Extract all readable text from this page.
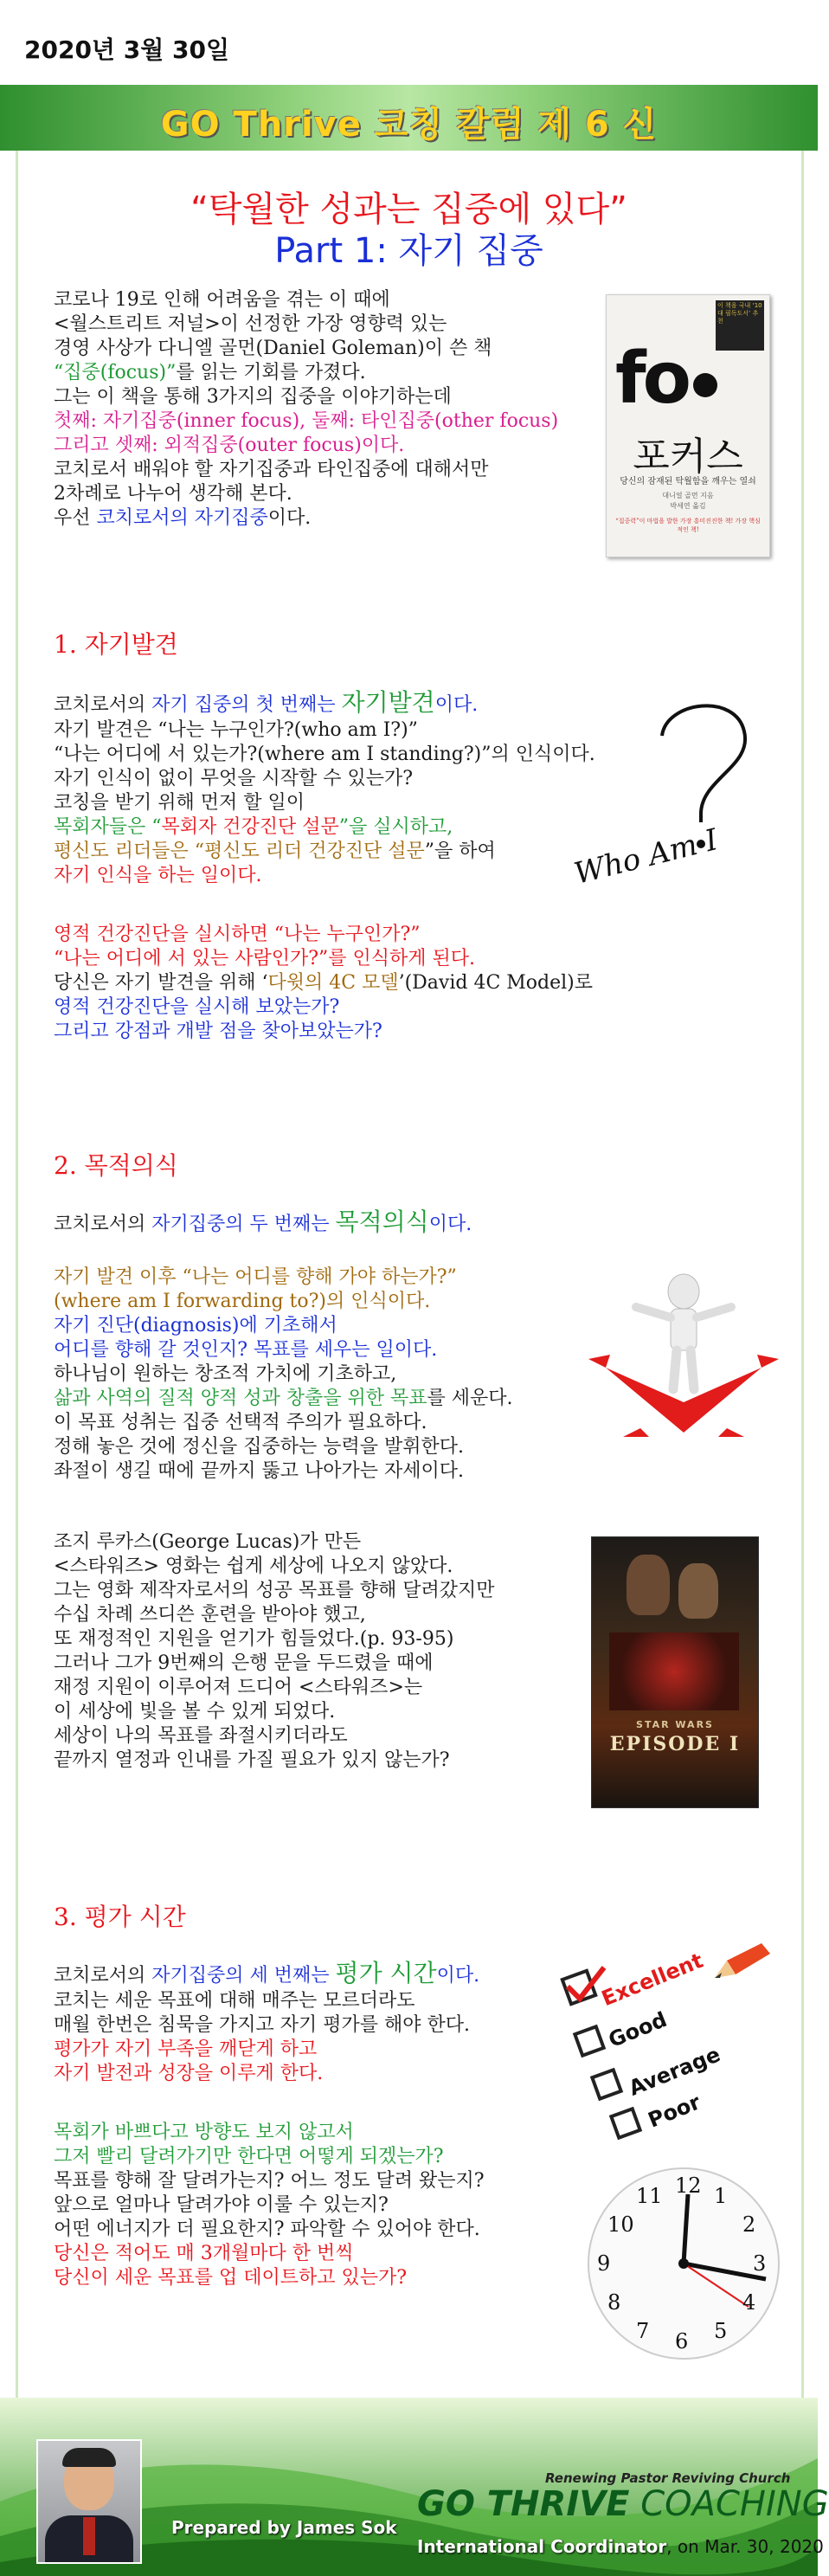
2020년 3월 30일
GO Thrive 코칭 칼럼 제 6 신
“탁월한 성과는 집중에 있다”
Part 1: 자기 집중
코로나 19로 인해 어려움을 겪는 이 때에
<월스트리트 저널>이 선정한 가장 영향력 있는
경영 사상가 다니엘 골먼(Daniel Goleman)이 쓴 책
“집중(focus)”를 읽는 기회를 가졌다.
그는 이 책을 통해 3가지의 집중을 이야기하는데
첫째: 자기집중(inner focus), 둘째: 타인집중(other focus)
그리고 셋째: 외적집중(outer focus)이다.
코치로서 배워야 할 자기집중과 타인집중에 대해서만
2차례로 나누어 생각해 본다.
우선 코치로서의 자기집중이다.
이 책을 국내 ‘10대 필독도서’ 추천
fo
포커스
당신의 잠재된 탁월함을 깨우는 열쇠
대니얼 골먼 지음
박세연 옮김
“집중력”이 마법을 발한 가장 흥미진진한 책! 가장 핵심적인 책!
1. 자기발견
코치로서의 자기 집중의 첫 번째는 자기발견이다.
자기 발견은 “나는 누구인가?(who am I?)”
“나는 어디에 서 있는가?(where am I standing?)”의 인식이다.
자기 인식이 없이 무엇을 시작할 수 있는가?
코칭을 받기 위해 먼저 할 일이
목회자들은 “목회자 건강진단 설문”을 실시하고,
평신도 리더들은 “평신도 리더 건강진단 설문”을 하여
자기 인식을 하는 일이다.
영적 건강진단을 실시하면 “나는 누구인가?”
“나는 어디에 서 있는 사람인가?”를 인식하게 된다.
당신은 자기 발견을 위해 ‘다윗의 4C 모델’(David 4C Model)로
영적 건강진단을 실시해 보았는가?
그리고 강점과 개발 점을 찾아보았는가?
Who Am I
2. 목적의식
코치로서의 자기집중의 두 번째는 목적의식이다.
자기 발견 이후 “나는 어디를 향해 가야 하는가?”
(where am I forwarding to?)의 인식이다.
자기 진단(diagnosis)에 기초해서
어디를 향해 갈 것인지? 목표를 세우는 일이다.
하나님이 원하는 창조적 가치에 기초하고,
삶과 사역의 질적 양적 성과 창출을 위한 목표를 세운다.
이 목표 성취는 집중 선택적 주의가 필요하다.
정해 놓은 것에 정신을 집중하는 능력을 발휘한다.
좌절이 생길 때에 끝까지 뚫고 나아가는 자세이다.
조지 루카스(George Lucas)가 만든
<스타워즈> 영화는 쉽게 세상에 나오지 않았다.
그는 영화 제작자로서의 성공 목표를 향해 달려갔지만
수십 차례 쓰디쓴 훈련을 받아야 했고,
또 재정적인 지원을 얻기가 힘들었다.(p. 93-95)
그러나 그가 9번째의 은행 문을 두드렸을 때에
재정 지원이 이루어져 드디어 <스타워즈>는
이 세상에 빛을 볼 수 있게 되었다.
세상이 나의 목표를 좌절시키더라도
끝까지 열정과 인내를 가질 필요가 있지 않는가?
STAR WARS
EPISODE I
3. 평가 시간
코치로서의 자기집중의 세 번째는 평가 시간이다.
코치는 세운 목표에 대해 매주는 모르더라도
매월 한번은 침묵을 가지고 자기 평가를 해야 한다.
평가가 자기 부족을 깨닫게 하고
자기 발전과 성장을 이루게 한다.
목회가 바쁘다고 방향도 보지 않고서
그저 빨리 달려가기만 한다면 어떻게 되겠는가?
목표를 향해 잘 달려가는지? 어느 정도 달려 왔는지?
앞으로 얼마나 달려가야 이룰 수 있는지?
어떤 에너지가 더 필요한지? 파악할 수 있어야 한다.
당신은 적어도 매 3개월마다 한 번씩
당신이 세운 목표를 업 데이트하고 있는가?
Excellent
Good
Average
Poor
12 1
2
3
4
5
6
7
8
9
10
11
Prepared by James Sok
Renewing Pastor Reviving Church
GO THRIVE COACHING
International Coordinator, on Mar. 30, 2020
